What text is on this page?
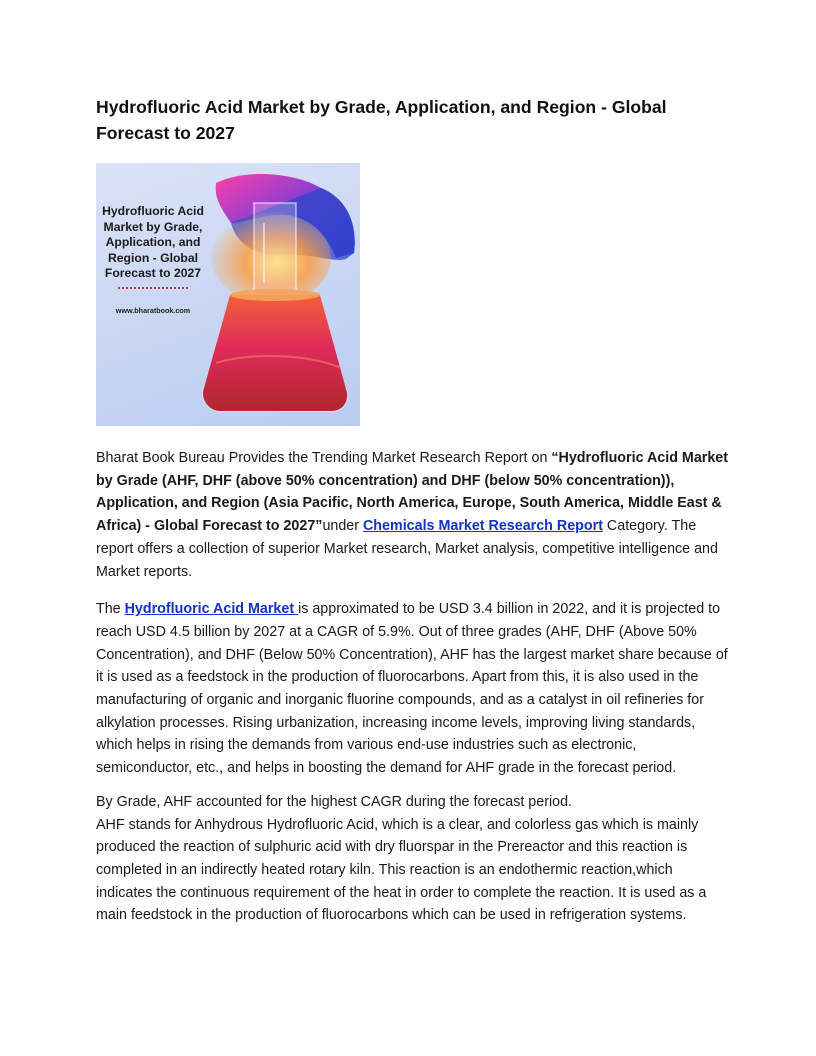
Hydrofluoric Acid Market by Grade, Application, and Region - Global Forecast to 2027
Hydrofluoric Acid Market by Grade, Application, and Region - Global Forecast to 2027
www.bharatbook.com

Bharat Book Bureau Provides the Trending Market Research Report on “Hydrofluoric Acid Market by Grade (AHF, DHF (above 50% concentration) and DHF (below 50% concentration)), Application, and Region (Asia Pacific, North America, Europe, South America, Middle East & Africa) - Global Forecast to 2027”under Chemicals Market Research Report Category. The report offers a collection of superior Market research, Market analysis, competitive intelligence and Market reports.

The Hydrofluoric Acid Market is approximated to be USD 3.4 billion in 2022, and it is projected to reach USD 4.5 billion by 2027 at a CAGR of 5.9%. Out of three grades (AHF, DHF (Above 50% Concentration), and DHF (Below 50% Concentration), AHF has the largest market share because of it is used as a feedstock in the production of fluorocarbons. Apart from this, it is also used in the manufacturing of organic and inorganic fluorine compounds, and as a catalyst in oil refineries for alkylation processes. Rising urbanization, increasing income levels, improving living standards, which helps in rising the demands from various end-use industries such as electronic, semiconductor, etc., and helps in boosting the demand for AHF grade in the forecast period.

By Grade, AHF accounted for the highest CAGR during the forecast period.
AHF stands for Anhydrous Hydrofluoric Acid, which is a clear, and colorless gas which is mainly produced the reaction of sulphuric acid with dry fluorspar in the Prereactor and this reaction is completed in an indirectly heated rotary kiln. This reaction is an endothermic reaction,which indicates the continuous requirement of the heat in order to complete the reaction. It is used as a main feedstock in the production of fluorocarbons which can be used in refrigeration systems.
